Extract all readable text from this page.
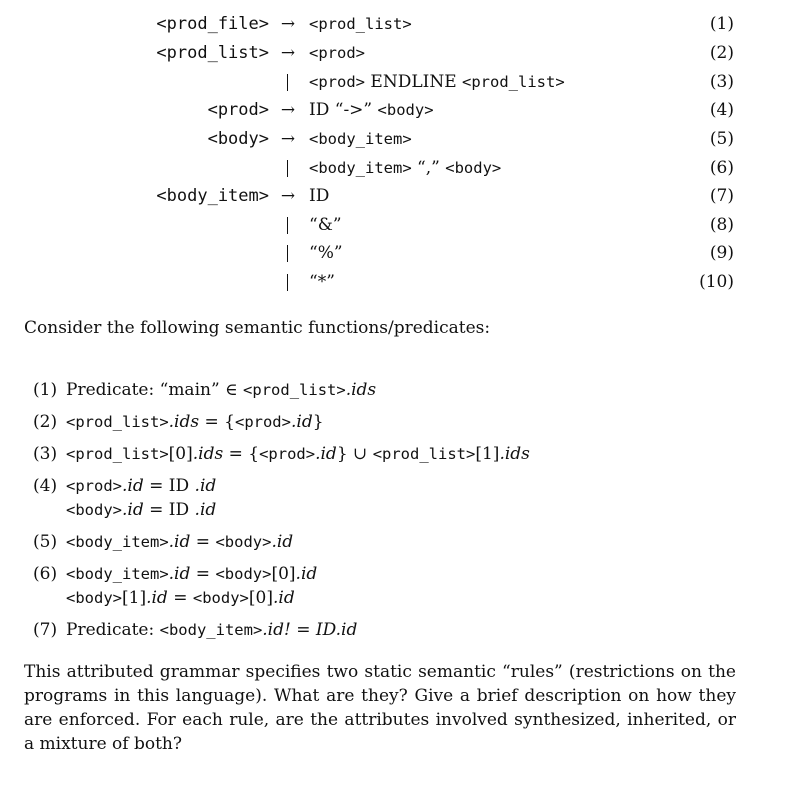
<prod_file> → <prod_list>	(1)
<prod_list> → <prod>	(2)
<prod> ENDLINE <prod_list>	(3)
<prod> → ID “->” <body>	(4)
<body> → <body_item>	(5)
<body_item> “,” <body>	(6)
<body_item> → ID	(7)
“&”	(8)
“%”	(9)
“*”	(10)
Consider the following semantic functions/predicates:
(1) Predicate: “main” ∈ <prod_list>.ids
(2) <prod_list>.ids = {<prod>.id}
(3) <prod_list>[0].ids = {<prod>.id} ∪ <prod_list>[1].ids
(4) <prod>.id = ID .id
<body>.id = ID .id
(5) <body_item>.id = <body>.id
(6) <body_item>.id = <body>[0].id
<body>[1].id = <body>[0].id
(7) Predicate: <body_item>.id! = ID.id
This attributed grammar specifies two static semantic “rules” (restrictions on the programs in this language). What are they? Give a brief description on how they are enforced. For each rule, are the attributes involved synthesized, inherited, or a mixture of both?
